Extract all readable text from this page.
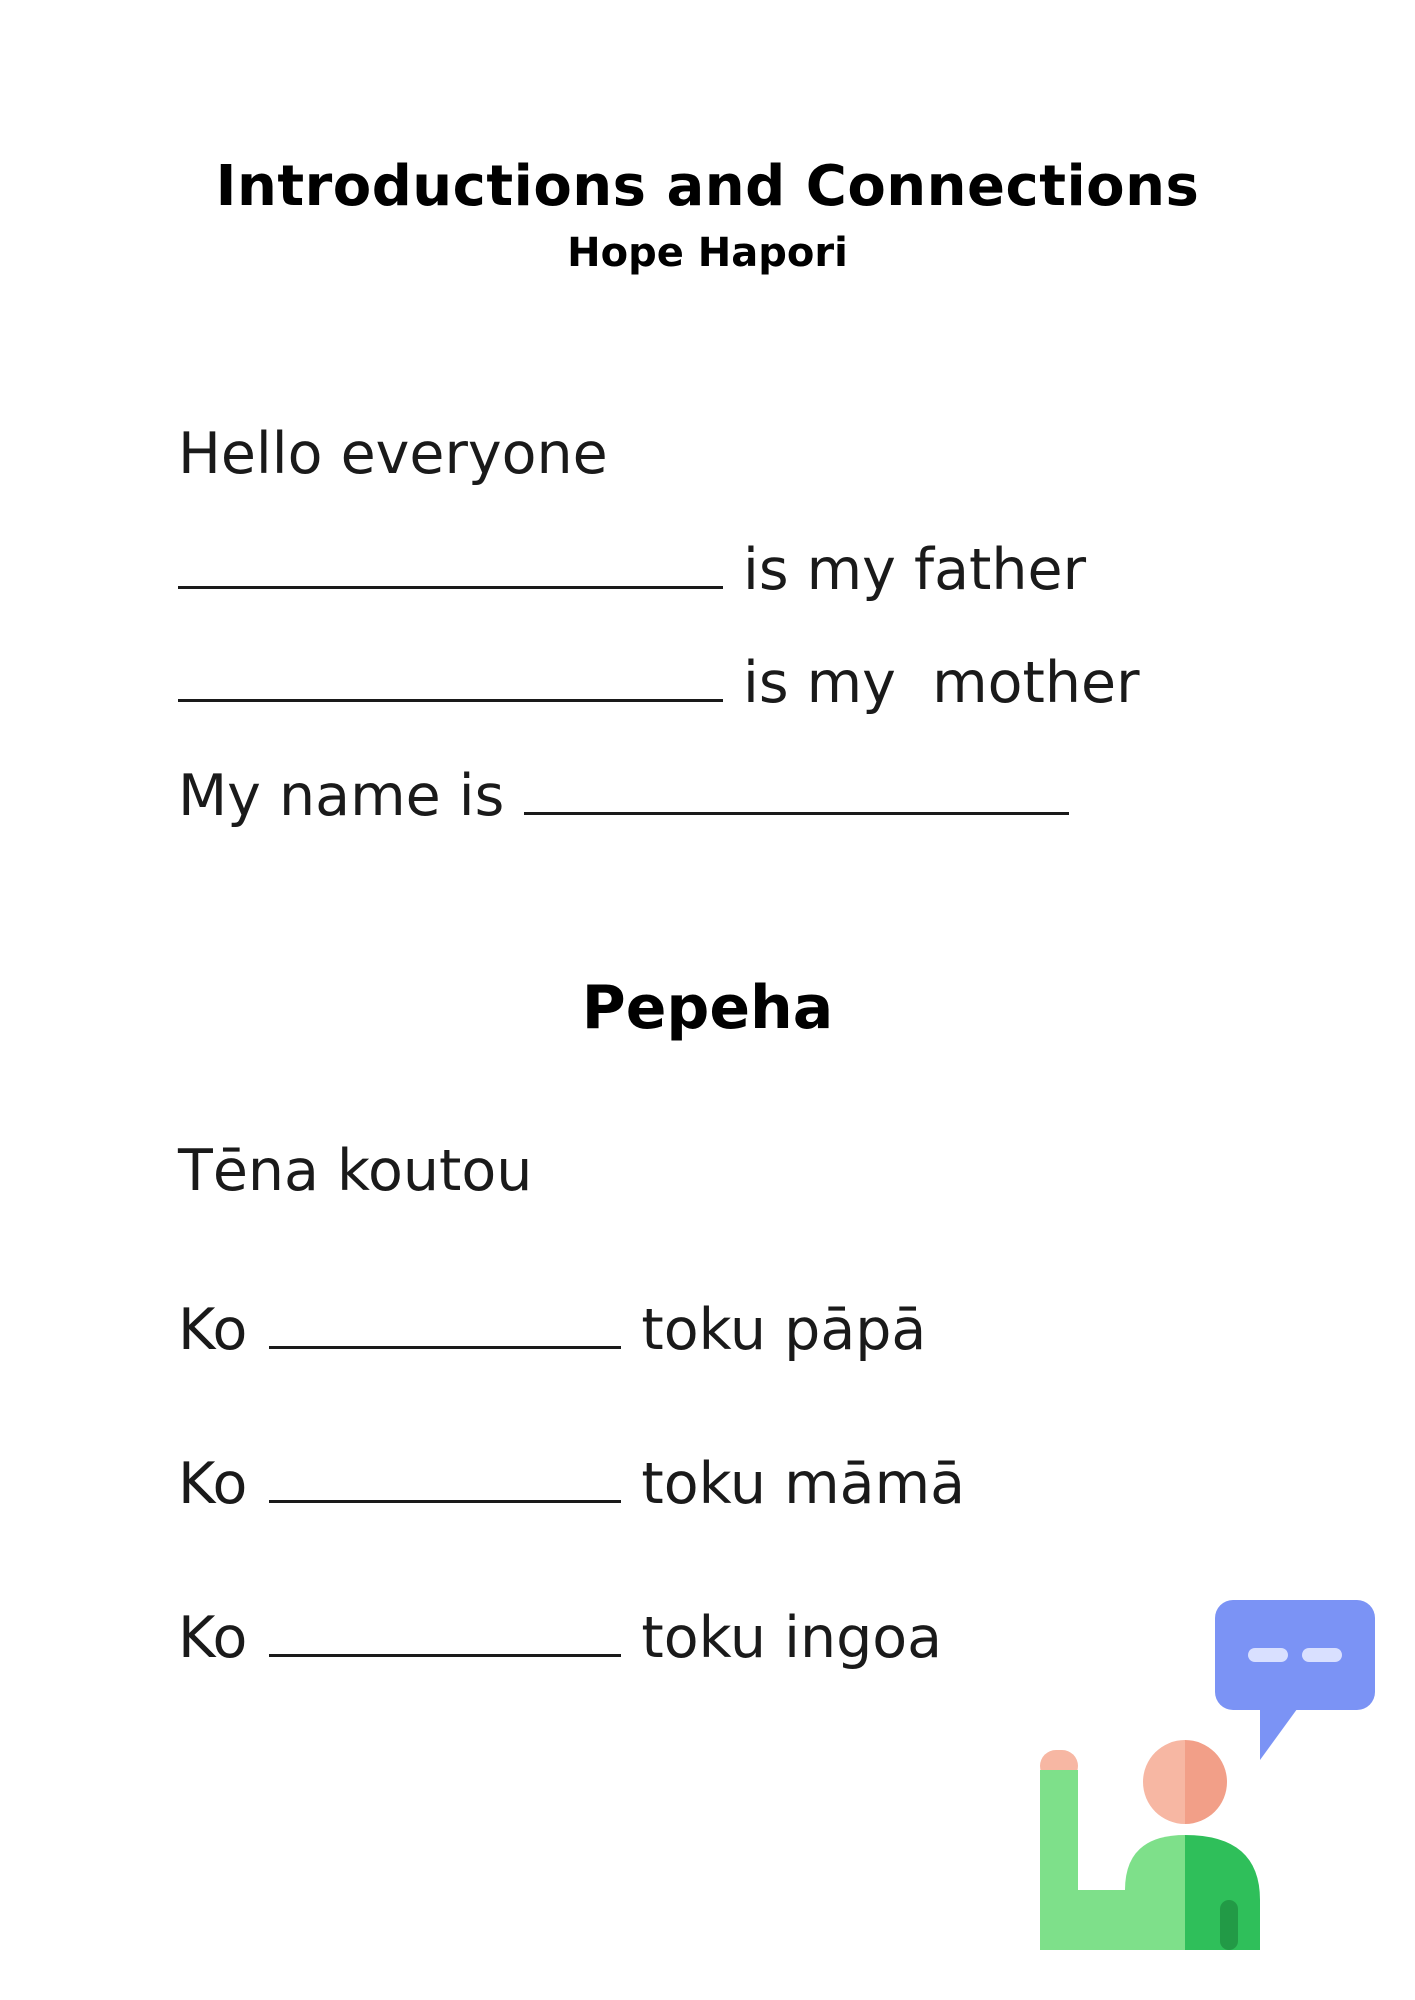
Introductions and Connections
Hope Hapori
Hello everyone
is my father
is my  mother
My name is
Pepeha
Tēna koutou
Ko	toku pāpā
Ko	toku māmā
Ko	toku ingoa
